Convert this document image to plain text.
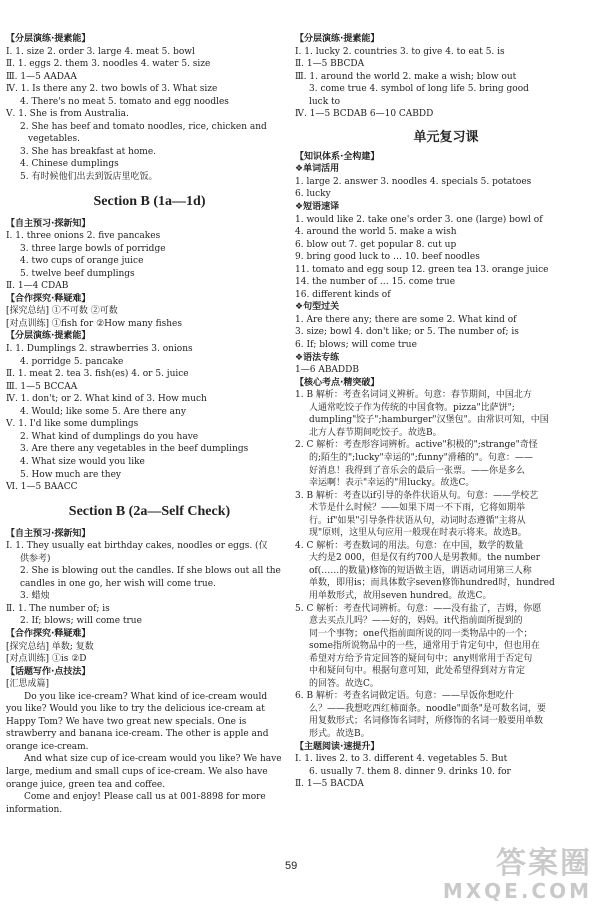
【分层演练·提素能】
Ⅰ. 1. size 2. order 3. large 4. meat 5. bowl
Ⅱ. 1. eggs 2. them 3. noodles 4. water 5. size
Ⅲ. 1—5 AADAA
Ⅳ. 1. Is there any 2. two bowls of 3. What size
4. There's no meat 5. tomato and egg noodles
Ⅴ. 1. She is from Australia.
2. She has beef and tomato noodles, rice, chicken and
vegetables.
3. She has breakfast at home.
4. Chinese dumplings
5. 有时候他们出去到饭店里吃饭。
Section B (1a—1d)
【自主预习·探新知】
Ⅰ. 1. three onions 2. five pancakes
3. three large bowls of porridge
4. two cups of orange juice
5. twelve beef dumplings
Ⅱ. 1—4 CDAB
【合作探究·释疑难】
[探究总结] ①不可数 ②可数
[对点训练] ①fish for ②How many fishes
【分层演练·提素能】
Ⅰ. 1. Dumplings 2. strawberries 3. onions
4. porridge 5. pancake
Ⅱ. 1. meat 2. tea 3. fish(es) 4. or 5. juice
Ⅲ. 1—5 BCCAA
Ⅳ. 1. don't; or 2. What kind of 3. How much
4. Would; like some 5. Are there any
Ⅴ. 1. I'd like some dumplings
2. What kind of dumplings do you have
3. Are there any vegetables in the beef dumplings
4. What size would you like
5. How much are they
Ⅵ. 1—5 BAACC
Section B (2a—Self Check)
【自主预习·探新知】
Ⅰ. 1. They usually eat birthday cakes, noodles or eggs. (仅
供参考)
2. She is blowing out the candles. If she blows out all the
candles in one go, her wish will come true.
3. 蜡烛
Ⅱ. 1. The number of; is
2. If; blows; will come true
【合作探究·释疑难】
[探究总结] 单数; 复数
[对点训练] ①is ②D
【话题写作·点技法】
[汇思成篇]
Do you like ice-cream? What kind of ice-cream would
you like? Would you like to try the delicious ice-cream at
Happy Tom? We have two great new specials. One is
strawberry and banana ice-cream. The other is apple and
orange ice-cream.
And what size cup of ice-cream would you like? We have
large, medium and small cups of ice-cream. We also have
orange juice, green tea and coffee.
Come and enjoy! Please call us at 001-8898 for more
information.
【分层演练·提素能】
Ⅰ. 1. lucky 2. countries 3. to give 4. to eat 5. is
Ⅱ. 1—5 BBCDA
Ⅲ. 1. around the world 2. make a wish; blow out
3. come true 4. symbol of long life 5. bring good
luck to
Ⅳ. 1—5 BCDAB 6—10 CABDD
单元复习课
【知识体系·全构建】
❖单词活用
1. large 2. answer 3. noodles 4. specials 5. potatoes
6. lucky
❖短语速译
1. would like 2. take one's order 3. one (large) bowl of
4. around the world 5. make a wish
6. blow out 7. get popular 8. cut up
9. bring good luck to … 10. beef noodles
11. tomato and egg soup 12. green tea 13. orange juice
14. the number of … 15. come true
16. different kinds of
❖句型过关
1. Are there any; there are some 2. What kind of
3. size; bowl 4. don't like; or 5. The number of; is
6. If; blows; will come true
❖语法专练
1—6 ABADDB
【核心考点·精突破】
1. B 解析：考查名词词义辨析。句意：春节期间，中国北方
人通常吃饺子作为传统的中国食物。pizza"比萨饼";
dumpling"饺子";hamburger"汉堡包"。由常识可知，中国
北方人春节期间吃饺子。故选B。
2. C 解析：考查形容词辨析。active"积极的";strange"奇怪
的;陌生的";lucky"幸运的";funny"滑稽的"。句意：——
好消息！我得到了音乐会的最后一张票。——你是多么
幸运啊！表示"幸运的"用lucky。故选C。
3. B 解析：考查以if引导的条件状语从句。句意：——学校艺
术节是什么时候？——如果下周一不下雨，它将如期举
行。if"如果"引导条件状语从句，动词时态遵循"主将从
现"原则，这里从句应用一般现在时表示将来。故选B。
4. C 解析：考查数词的用法。句意：在中国，数学的数量
大约是2 000，但是仅有约700人是男教师。the number
of(……的数量)修饰的短语做主语，谓语动词用第三人称
单数，即用is；而具体数字seven修饰hundred时，hundred
用单数形式，故用seven hundred。故选C。
5. C 解析：考查代词辨析。句意：——没有盐了，吉姆，你愿
意去买点儿吗？——好的，妈妈。it代指前面所提到的
同一个事物；one代指前面所说的同一类物品中的一个；
some指所说物品中的一些，通常用于肯定句中，但也用在
希望对方给予肯定回答的疑问句中；any则常用于否定句
中和疑问句中。根据句意可知，此处希望得到对方肯定
的回答。故选C。
6. B 解析：考查名词做定语。句意：——早饭你想吃什
么？——我想吃西红柿面条。noodle"面条"是可数名词，要
用复数形式；名词修饰名词时，所修饰的名词一般要用单数
形式。故选B。
【主题阅读·速提升】
Ⅰ. 1. lives 2. to 3. different 4. vegetables 5. But
6. usually 7. them 8. dinner 9. drinks 10. for
Ⅱ. 1—5 BACDA
59	答案圈
MXQE.COM
